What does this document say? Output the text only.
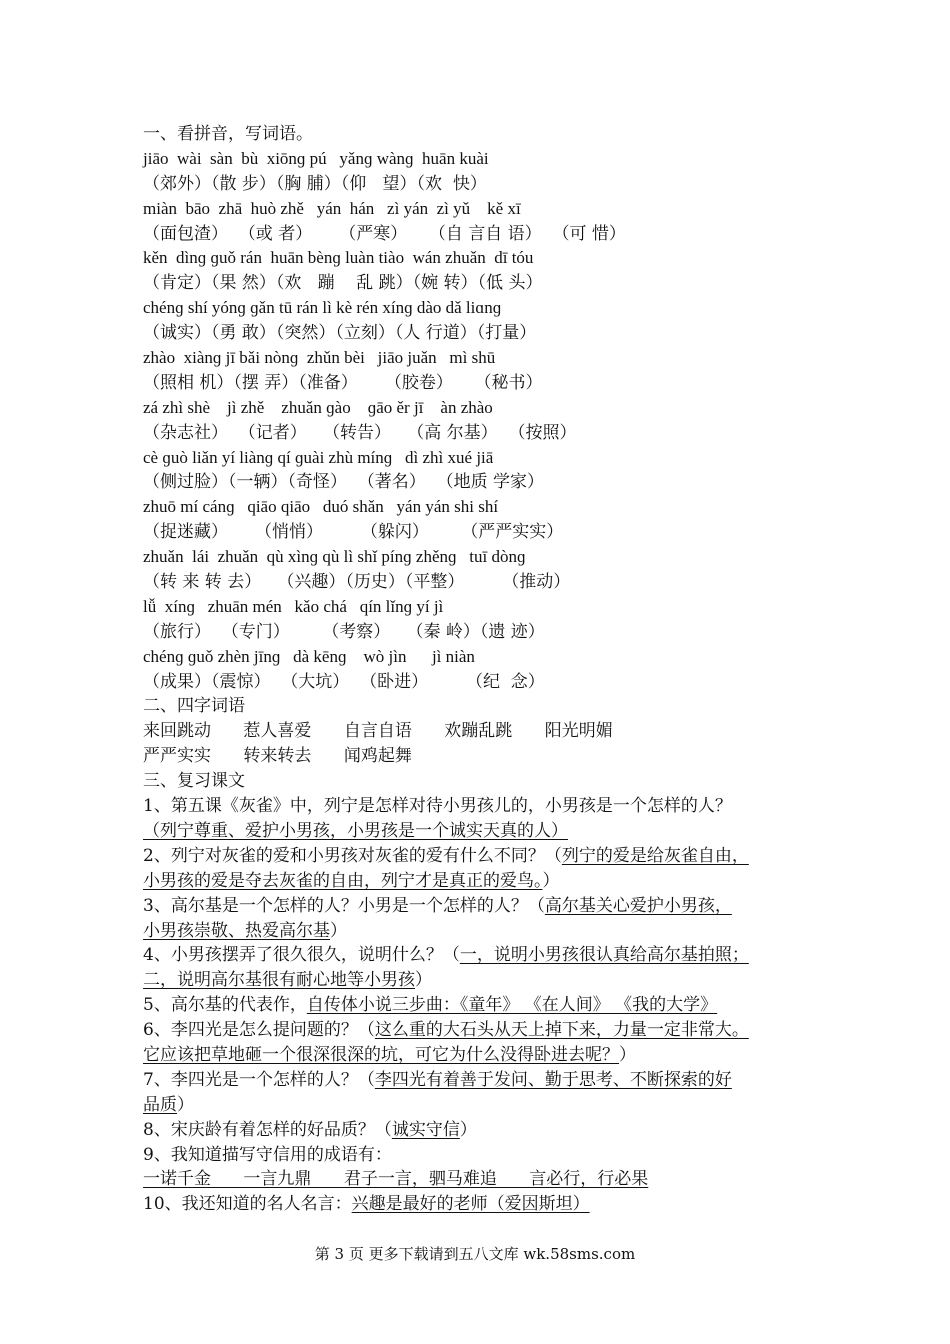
一、看拼音，写词语。
jiāo  wài  sàn  bù  xiōnɡ pú   yǎnɡ wànɡ  huān kuài
（郊外）（散 步）（胸 脯）（仰   望）（欢  快）
miàn  bāo  zhā  huò zhě   yán  hán   zì yán  zì yǔ    kě xī
（面包渣）  （或 者）     （严寒）    （自 言自 语）  （可 惜）
kěn  dìnɡ ɡuǒ rán  huān bènɡ luàn tiào  wán zhuǎn  dī tóu
（肯定）（果 然）（欢   蹦    乱 跳）（婉 转）（低 头）
chénɡ shí yónɡ ɡǎn tū rán lì kè rén xínɡ dào dǎ liɑnɡ
（诚实）（勇 敢）（突然）（立刻）（人 行道）（打量）
zhào  xiànɡ jī bǎi nònɡ  zhǔn bèi   jiāo juǎn   mì shū
（照相 机）（摆 弄）（准备）     （胶卷）    （秘书）
zá zhì shè    jì zhě    zhuǎn ɡào    ɡāo ěr jī    àn zhào
（杂志社）  （记者）   （转告）   （高 尔基）  （按照）
cè ɡuò liǎn yí liànɡ qí ɡuài zhù mínɡ   dì zhì xué jiā
（侧过脸）（一辆）（奇怪）  （著名）  （地质 学家）
zhuō mí cánɡ   qiāo qiāo   duó shǎn   yán yán shi shí
（捉迷藏）     （悄悄）       （躲闪）      （严严实实）
zhuǎn  lái  zhuǎn  qù xìnɡ qù lì shǐ pínɡ zhěnɡ   tuī dònɡ
（转 来 转 去）   （兴趣）（历史）（平整）       （推动）
lǚ  xínɡ   zhuān mén   kǎo chá   qín lǐnɡ yí jì
（旅行）  （专门）      （考察）   （秦 岭）（遗 迹）
chénɡ ɡuǒ zhèn jīnɡ   dà kēnɡ    wò jìn      jì niàn
（成果）（震惊）  （大坑）  （卧进）       （纪  念）
二、四字词语
来回跳动      惹人喜爱      自言自语      欢蹦乱跳      阳光明媚
严严实实      转来转去      闻鸡起舞
三、复习课文
1、第五课《灰雀》中，列宁是怎样对待小男孩儿的，小男孩是一个怎样的人？
（列宁尊重、爱护小男孩，小男孩是一个诚实天真的人）
2、列宁对灰雀的爱和小男孩对灰雀的爱有什么不同？（列宁的爱是给灰雀自由，
小男孩的爱是夺去灰雀的自由，列宁才是真正的爱鸟。）
3、高尔基是一个怎样的人？小男是一个怎样的人？（高尔基关心爱护小男孩，
小男孩崇敬、热爱高尔基）
4、小男孩摆弄了很久很久，说明什么？（一，说明小男孩很认真给高尔基拍照；
二，说明高尔基很有耐心地等小男孩）
5、高尔基的代表作，自传体小说三步曲：《童年》 《在人间》 《我的大学》
6、李四光是怎么提问题的？（这么重的大石头从天上掉下来，力量一定非常大。
它应该把草地砸一个很深很深的坑，可它为什么没得卧进去呢？）
7、李四光是一个怎样的人？（李四光有着善于发问、勤于思考、不断探索的好
品质）
8、宋庆龄有着怎样的好品质？（诚实守信）
9、我知道描写守信用的成语有：
一诺千金      一言九鼎      君子一言，驷马难追      言必行，行必果
10、我还知道的名人名言：兴趣是最好的老师（爱因斯坦）
第 3 页 更多下载请到五八文库 wk.58sms.com
